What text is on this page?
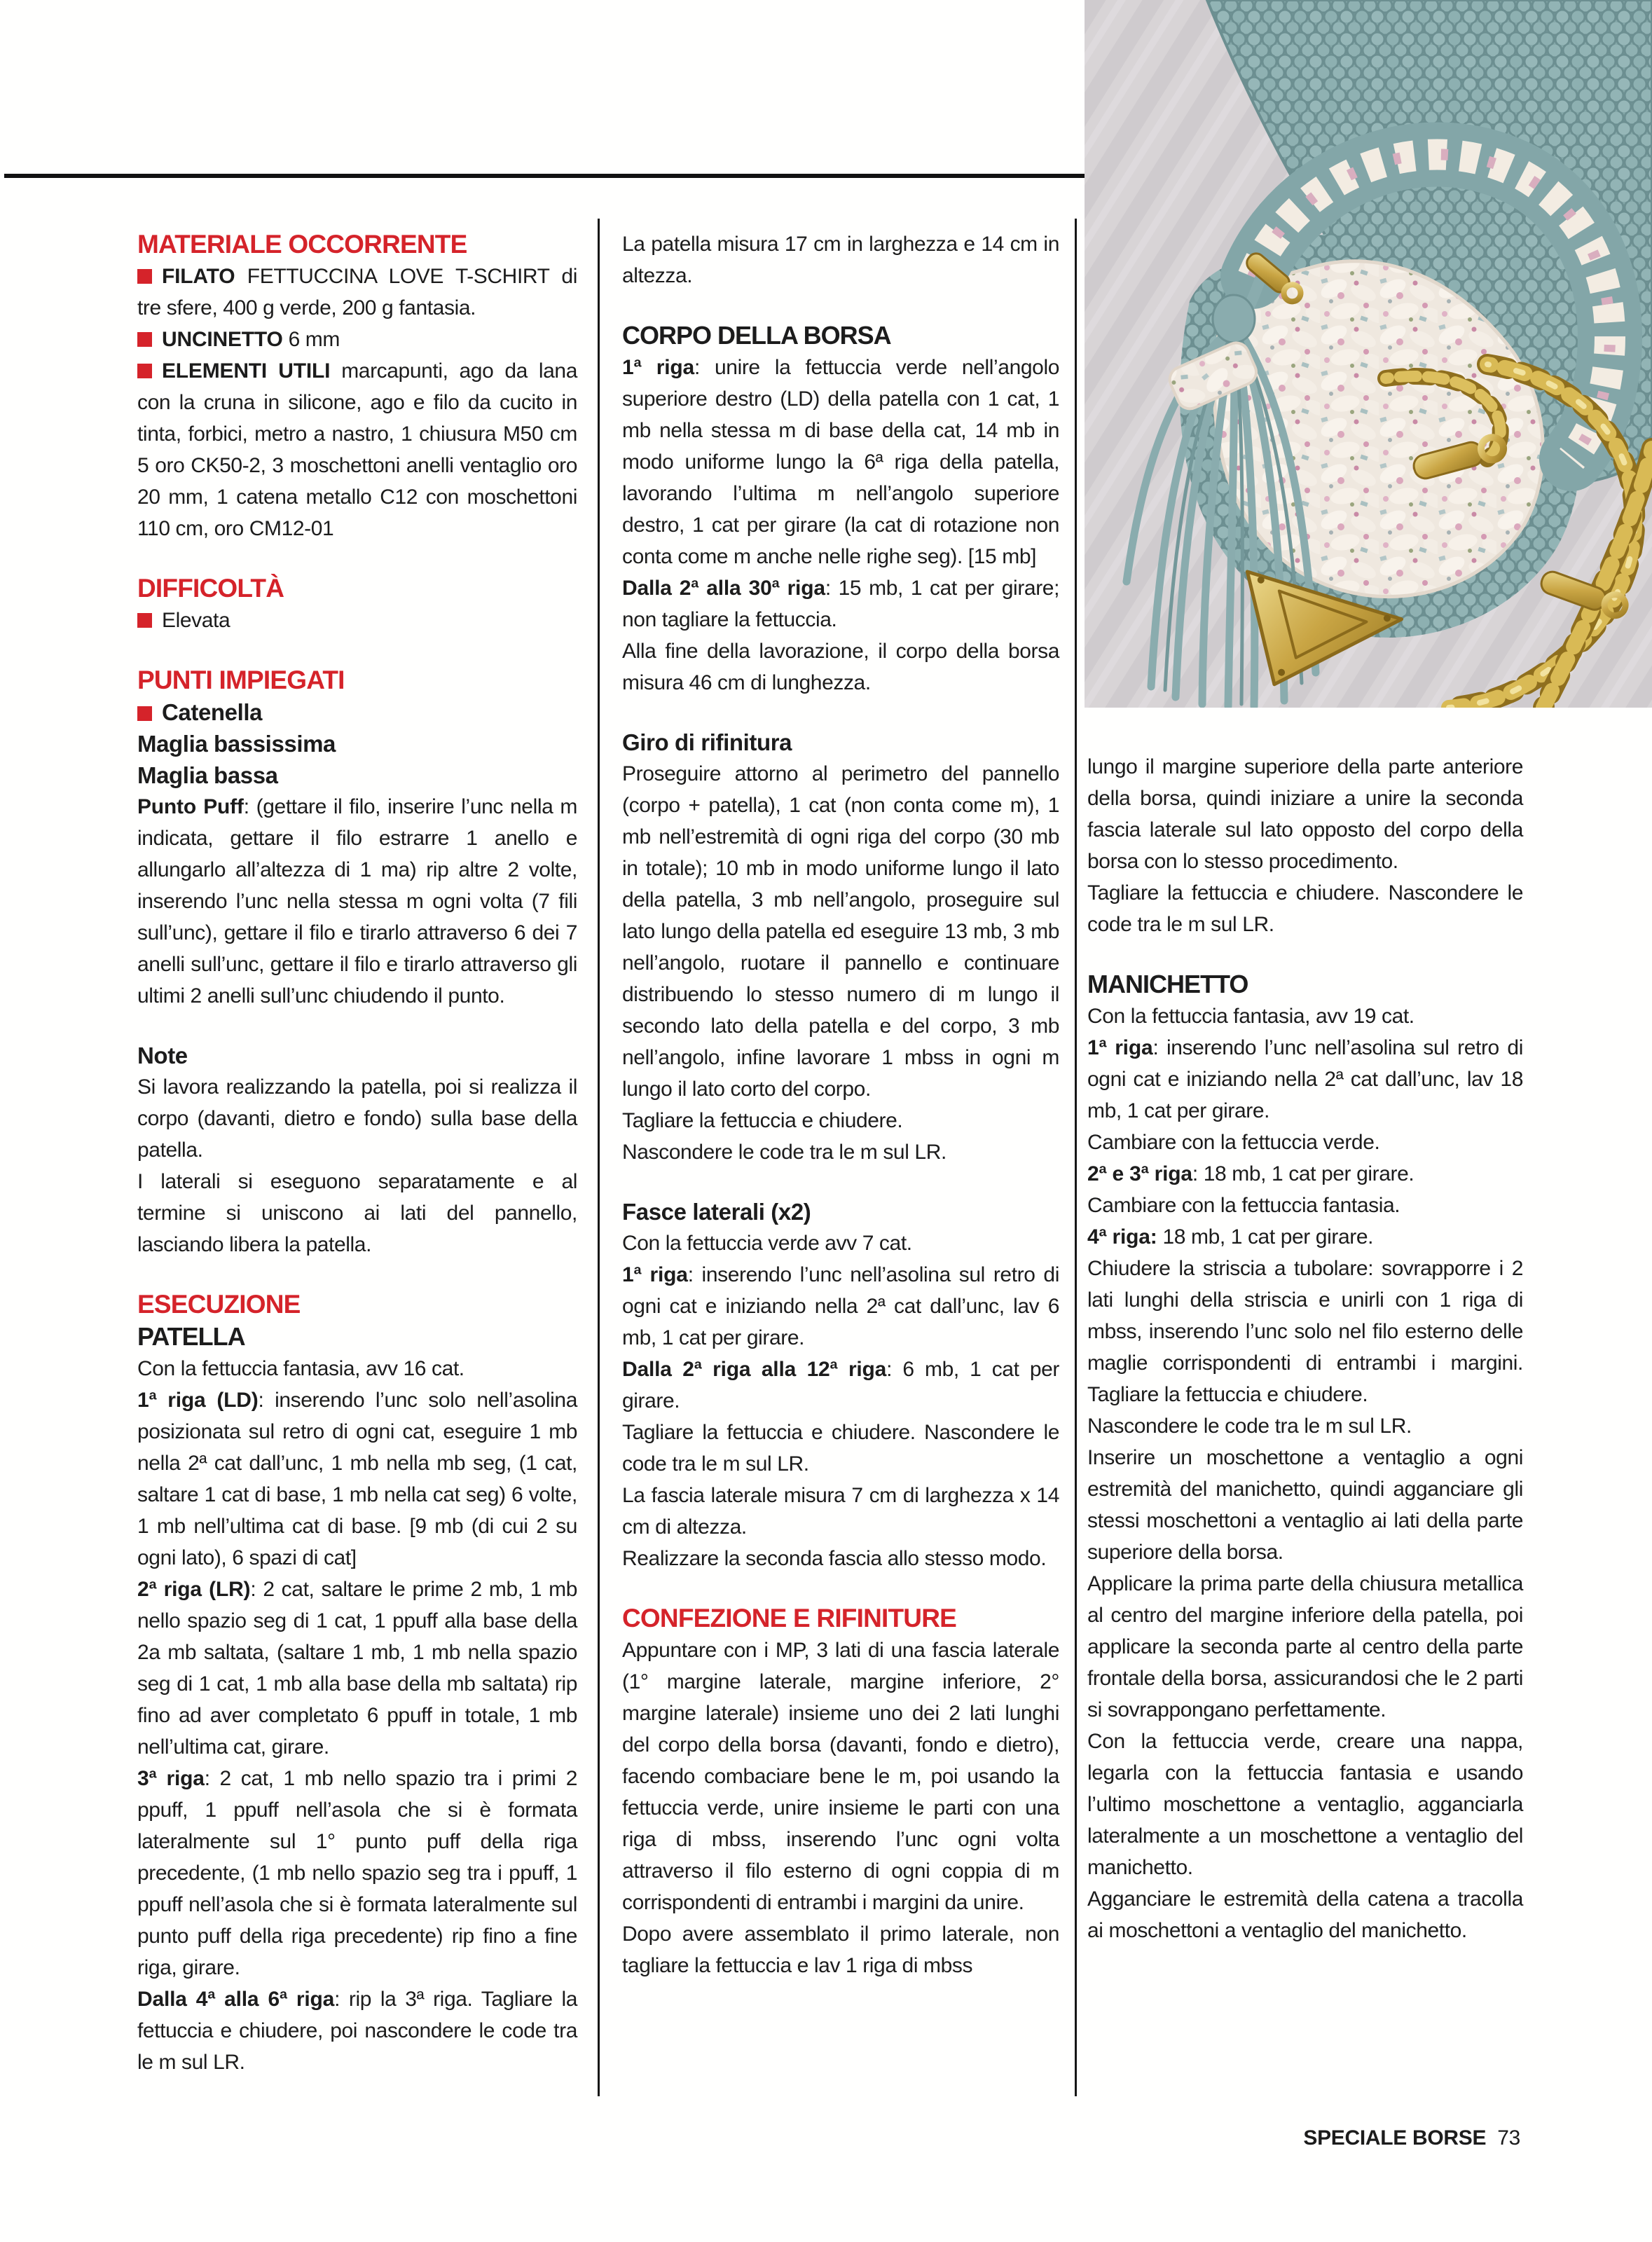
MATERIALE OCCORRENTE

FILATO FETTUCCINA LOVE T-SCHIRT di tre sfere, 400 g verde, 200 g fantasia.

UNCINETTO 6 mm

ELEMENTI UTILI marcapunti, ago da lana con la cruna in silicone, ago e filo da cucito in tinta, forbici, metro a nastro, 1 chiusura M50 cm 5 oro CK50-2, 3 moschettoni anelli ventaglio oro 20 mm, 1 catena metallo C12 con moschettoni 110 cm, oro CM12-01

DIFFICOLTÀ

Elevata

PUNTI IMPIEGATI
Catenella
Maglia bassissima
Maglia bassa

Punto Puff: (gettare il filo, inserire l’unc nella m indicata, gettare il filo estrarre 1 anello e allungarlo all’altezza di 1 ma) rip altre 2 volte, inserendo l’unc nella stessa m ogni volta (7 fili sull’unc), gettare il filo e tirarlo attraverso 6 dei 7 anelli sull’unc, gettare il filo e tirarlo attraverso gli ultimi 2 anelli sull’unc chiudendo il punto.

Note

Si lavora realizzando la patella, poi si realizza il corpo (davanti, dietro e fondo) sulla base della patella.

I laterali si eseguono separatamente e al termine si uniscono ai lati del pannello, lasciando libera la patella.

ESECUZIONE
PATELLA

Con la fettuccia fantasia, avv 16 cat.

1ª riga (LD): inserendo l’unc solo nell’asolina posizionata sul retro di ogni cat, eseguire 1 mb nella 2ª cat dall’unc, 1 mb nella mb seg, (1 cat, saltare 1 cat di base, 1 mb nella cat seg) 6 volte, 1 mb nell’ultima cat di base. [9 mb (di cui 2 su ogni lato), 6 spazi di cat]

2ª riga (LR): 2 cat, saltare le prime 2 mb, 1 mb nello spazio seg di 1 cat, 1 ppuff alla base della 2a mb saltata, (saltare 1 mb, 1 mb nella spazio seg di 1 cat, 1 mb alla base della mb saltata) rip fino ad aver completato 6 ppuff in totale, 1 mb nell’ultima cat, girare.

3ª riga: 2 cat, 1 mb nello spazio tra i primi 2 ppuff, 1 ppuff nell’asola che si è formata lateralmente sul 1° punto puff della riga precedente, (1 mb nello spazio seg tra i ppuff, 1 ppuff nell’asola che si è formata lateralmente sul punto puff della riga precedente) rip fino a fine riga, girare.

Dalla 4ª alla 6ª riga: rip la 3ª riga. Tagliare la fettuccia e chiudere, poi nascondere le code tra le m sul LR.

La patella misura 17 cm in larghezza e 14 cm in altezza.

CORPO DELLA BORSA

1ª riga: unire la fettuccia verde nell’angolo superiore destro (LD) della patella con 1 cat, 1 mb nella stessa m di base della cat, 14 mb in modo uniforme lungo la 6ª riga della patella, lavorando l’ultima m nell’angolo superiore destro, 1 cat per girare (la cat di rotazione non conta come m anche nelle righe seg). [15 mb]

Dalla 2ª alla 30ª riga: 15 mb, 1 cat per girare; non tagliare la fettuccia.

Alla fine della lavorazione, il corpo della borsa misura 46 cm di lunghezza.

Giro di rifinitura

Proseguire attorno al perimetro del pannello (corpo + patella), 1 cat (non conta come m), 1 mb nell’estremità di ogni riga del corpo (30 mb in totale); 10 mb in modo uniforme lungo il lato della patella, 3 mb nell’angolo, proseguire sul lato lungo della patella ed eseguire 13 mb, 3 mb nell’angolo, ruotare il pannello e continuare distribuendo lo stesso numero di m lungo il secondo lato della patella e del corpo, 3 mb nell’angolo, infine lavorare 1 mbss in ogni m lungo il lato corto del corpo.

Tagliare la fettuccia e chiudere.

Nascondere le code tra le m sul LR.

Fasce laterali (x2)

Con la fettuccia verde avv 7 cat.

1ª riga: inserendo l’unc nell’asolina sul retro di ogni cat e iniziando nella 2ª cat dall’unc, lav 6 mb, 1 cat per girare.

Dalla 2ª riga alla 12ª riga: 6 mb, 1 cat per girare.

Tagliare la fettuccia e chiudere. Nascondere le code tra le m sul LR.

La fascia laterale misura 7 cm di larghezza x 14 cm di altezza.

Realizzare la seconda fascia allo stesso modo.

CONFEZIONE E RIFINITURE

Appuntare con i MP, 3 lati di una fascia laterale (1° margine laterale, margine inferiore, 2° margine laterale) insieme uno dei 2 lati lunghi del corpo della borsa (davanti, fondo e dietro), facendo combaciare bene le m, poi usando la fettuccia verde, unire insieme le parti con una riga di mbss, inserendo l’unc ogni volta attraverso il filo esterno di ogni coppia di m corrispondenti di entrambi i margini da unire.

Dopo avere assemblato il primo laterale, non tagliare la fettuccia e lav 1 riga di mbss

lungo il margine superiore della parte anteriore della borsa, quindi iniziare a unire la seconda fascia laterale sul lato opposto del corpo della borsa con lo stesso procedimento.

Tagliare la fettuccia e chiudere. Nascondere le code tra le m sul LR.

MANICHETTO

Con la fettuccia fantasia, avv 19 cat.

1ª riga: inserendo l’unc nell’asolina sul retro di ogni cat e iniziando nella 2ª cat dall’unc, lav 18 mb, 1 cat per girare.

Cambiare con la fettuccia verde.

2ª e 3ª riga: 18 mb, 1 cat per girare.

Cambiare con la fettuccia fantasia.

4ª riga: 18 mb, 1 cat per girare.

Chiudere la striscia a tubolare: sovrapporre i 2 lati lunghi della striscia e unirli con 1 riga di mbss, inserendo l’unc solo nel filo esterno delle maglie corrispondenti di entrambi i margini. Tagliare la fettuccia e chiudere.

Nascondere le code tra le m sul LR.

Inserire un moschettone a ventaglio a ogni estremità del manichetto, quindi agganciare gli stessi moschettoni a ventaglio ai lati della parte superiore della borsa.

Applicare la prima parte della chiusura metallica al centro del margine inferiore della patella, poi applicare la seconda parte al centro della parte frontale della borsa, assicurandosi che le 2 parti si sovrappongano perfettamente.

Con la fettuccia verde, creare una nappa, legarla con la fettuccia fantasia e usando l’ultimo moschettone a ventaglio, agganciarla lateralmente a un moschettone a ventaglio del manichetto.

Agganciare le estremità della catena a tracolla ai moschettoni a ventaglio del manichetto.

SPECIALE BORSE 73
